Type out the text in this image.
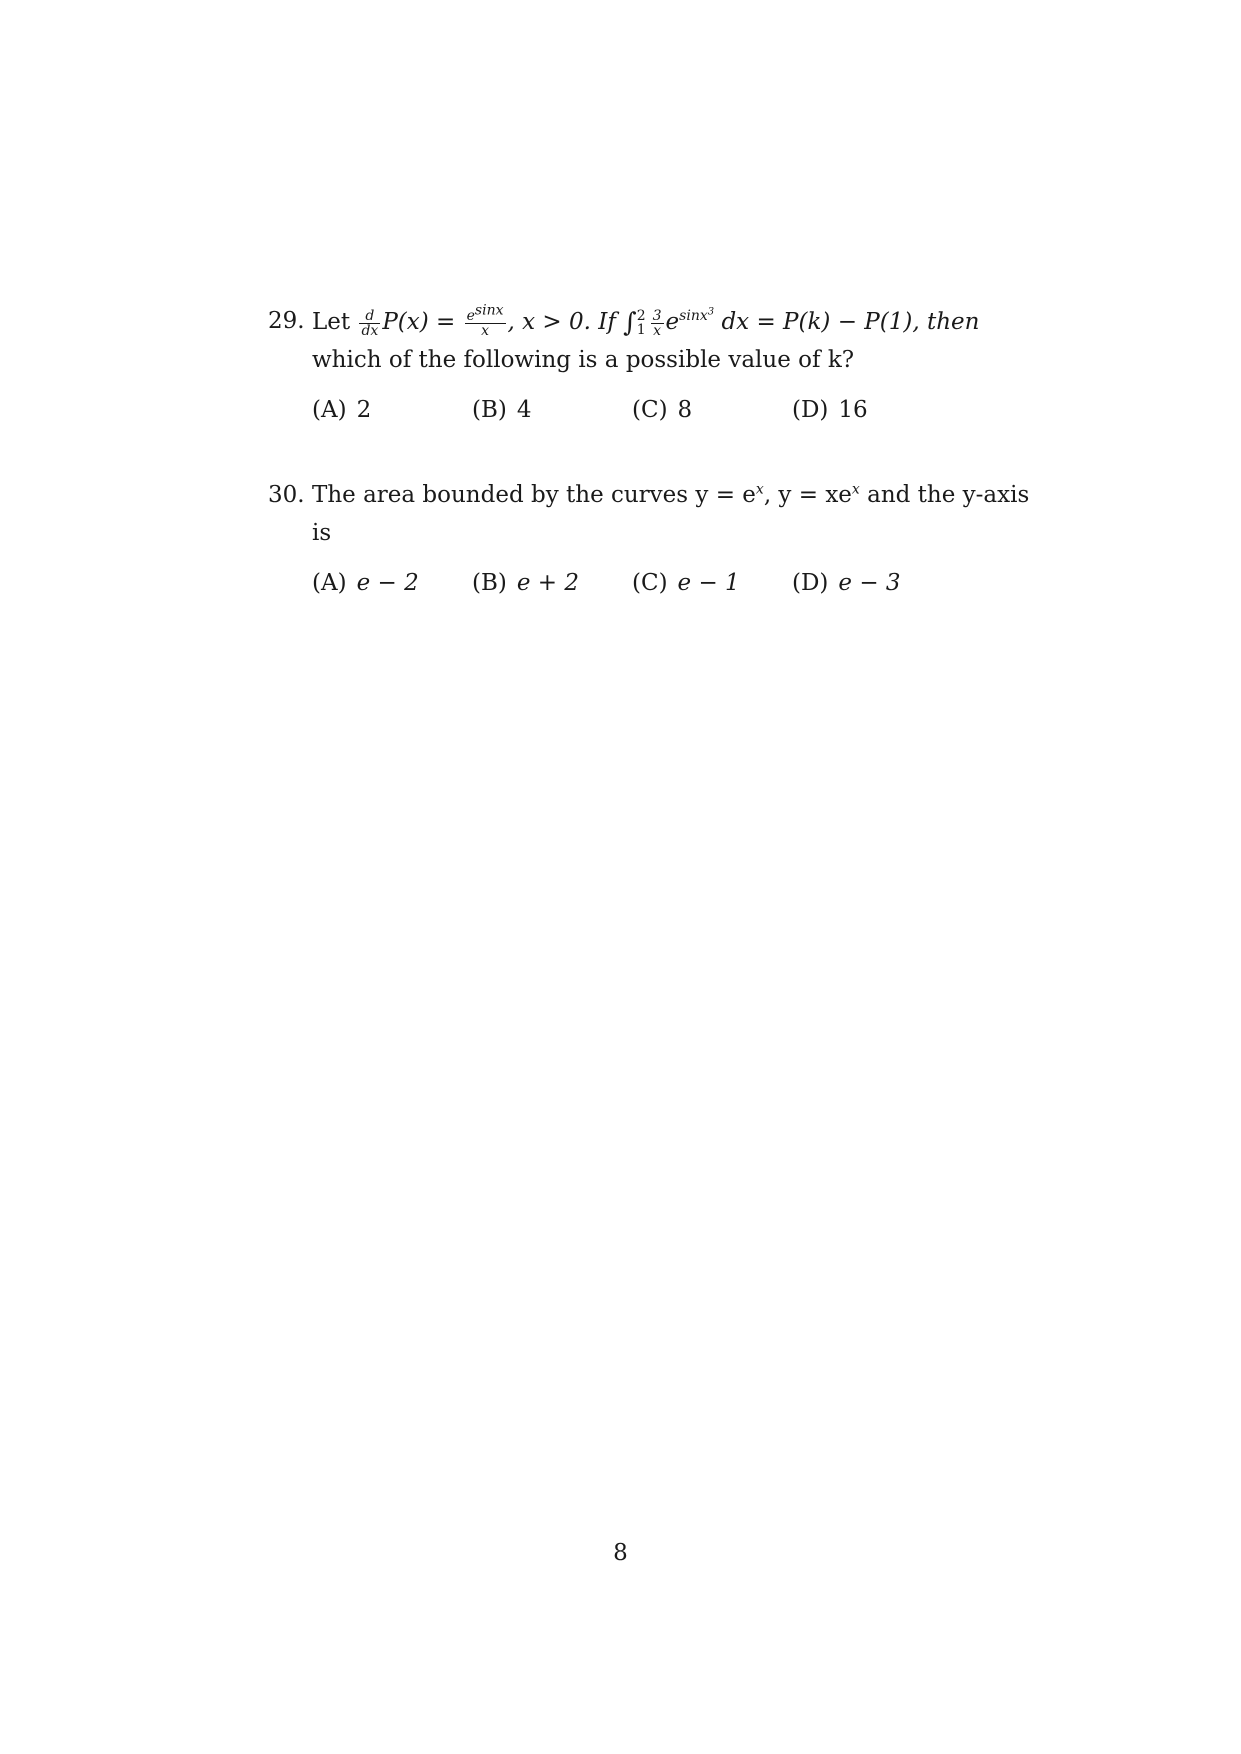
29. Let $\frac{d}{dx} P(x) = \frac{e^{sinx}}{x}$ , x > 0. If ∫ 2
$1 \frac{3}{x} e^{sinx^3}$ dx = P(k) − P(1), then
which of the following is a possible value of k?
(A) 2	(B) 4	(C) 8	(D) 16
30. The area bounded by the curves $y = e^x$, $y = xe^x$ and the y-axis
is
(A) e − 2 (B) e + 2 (C) e − 1 (D) e − 3
8
